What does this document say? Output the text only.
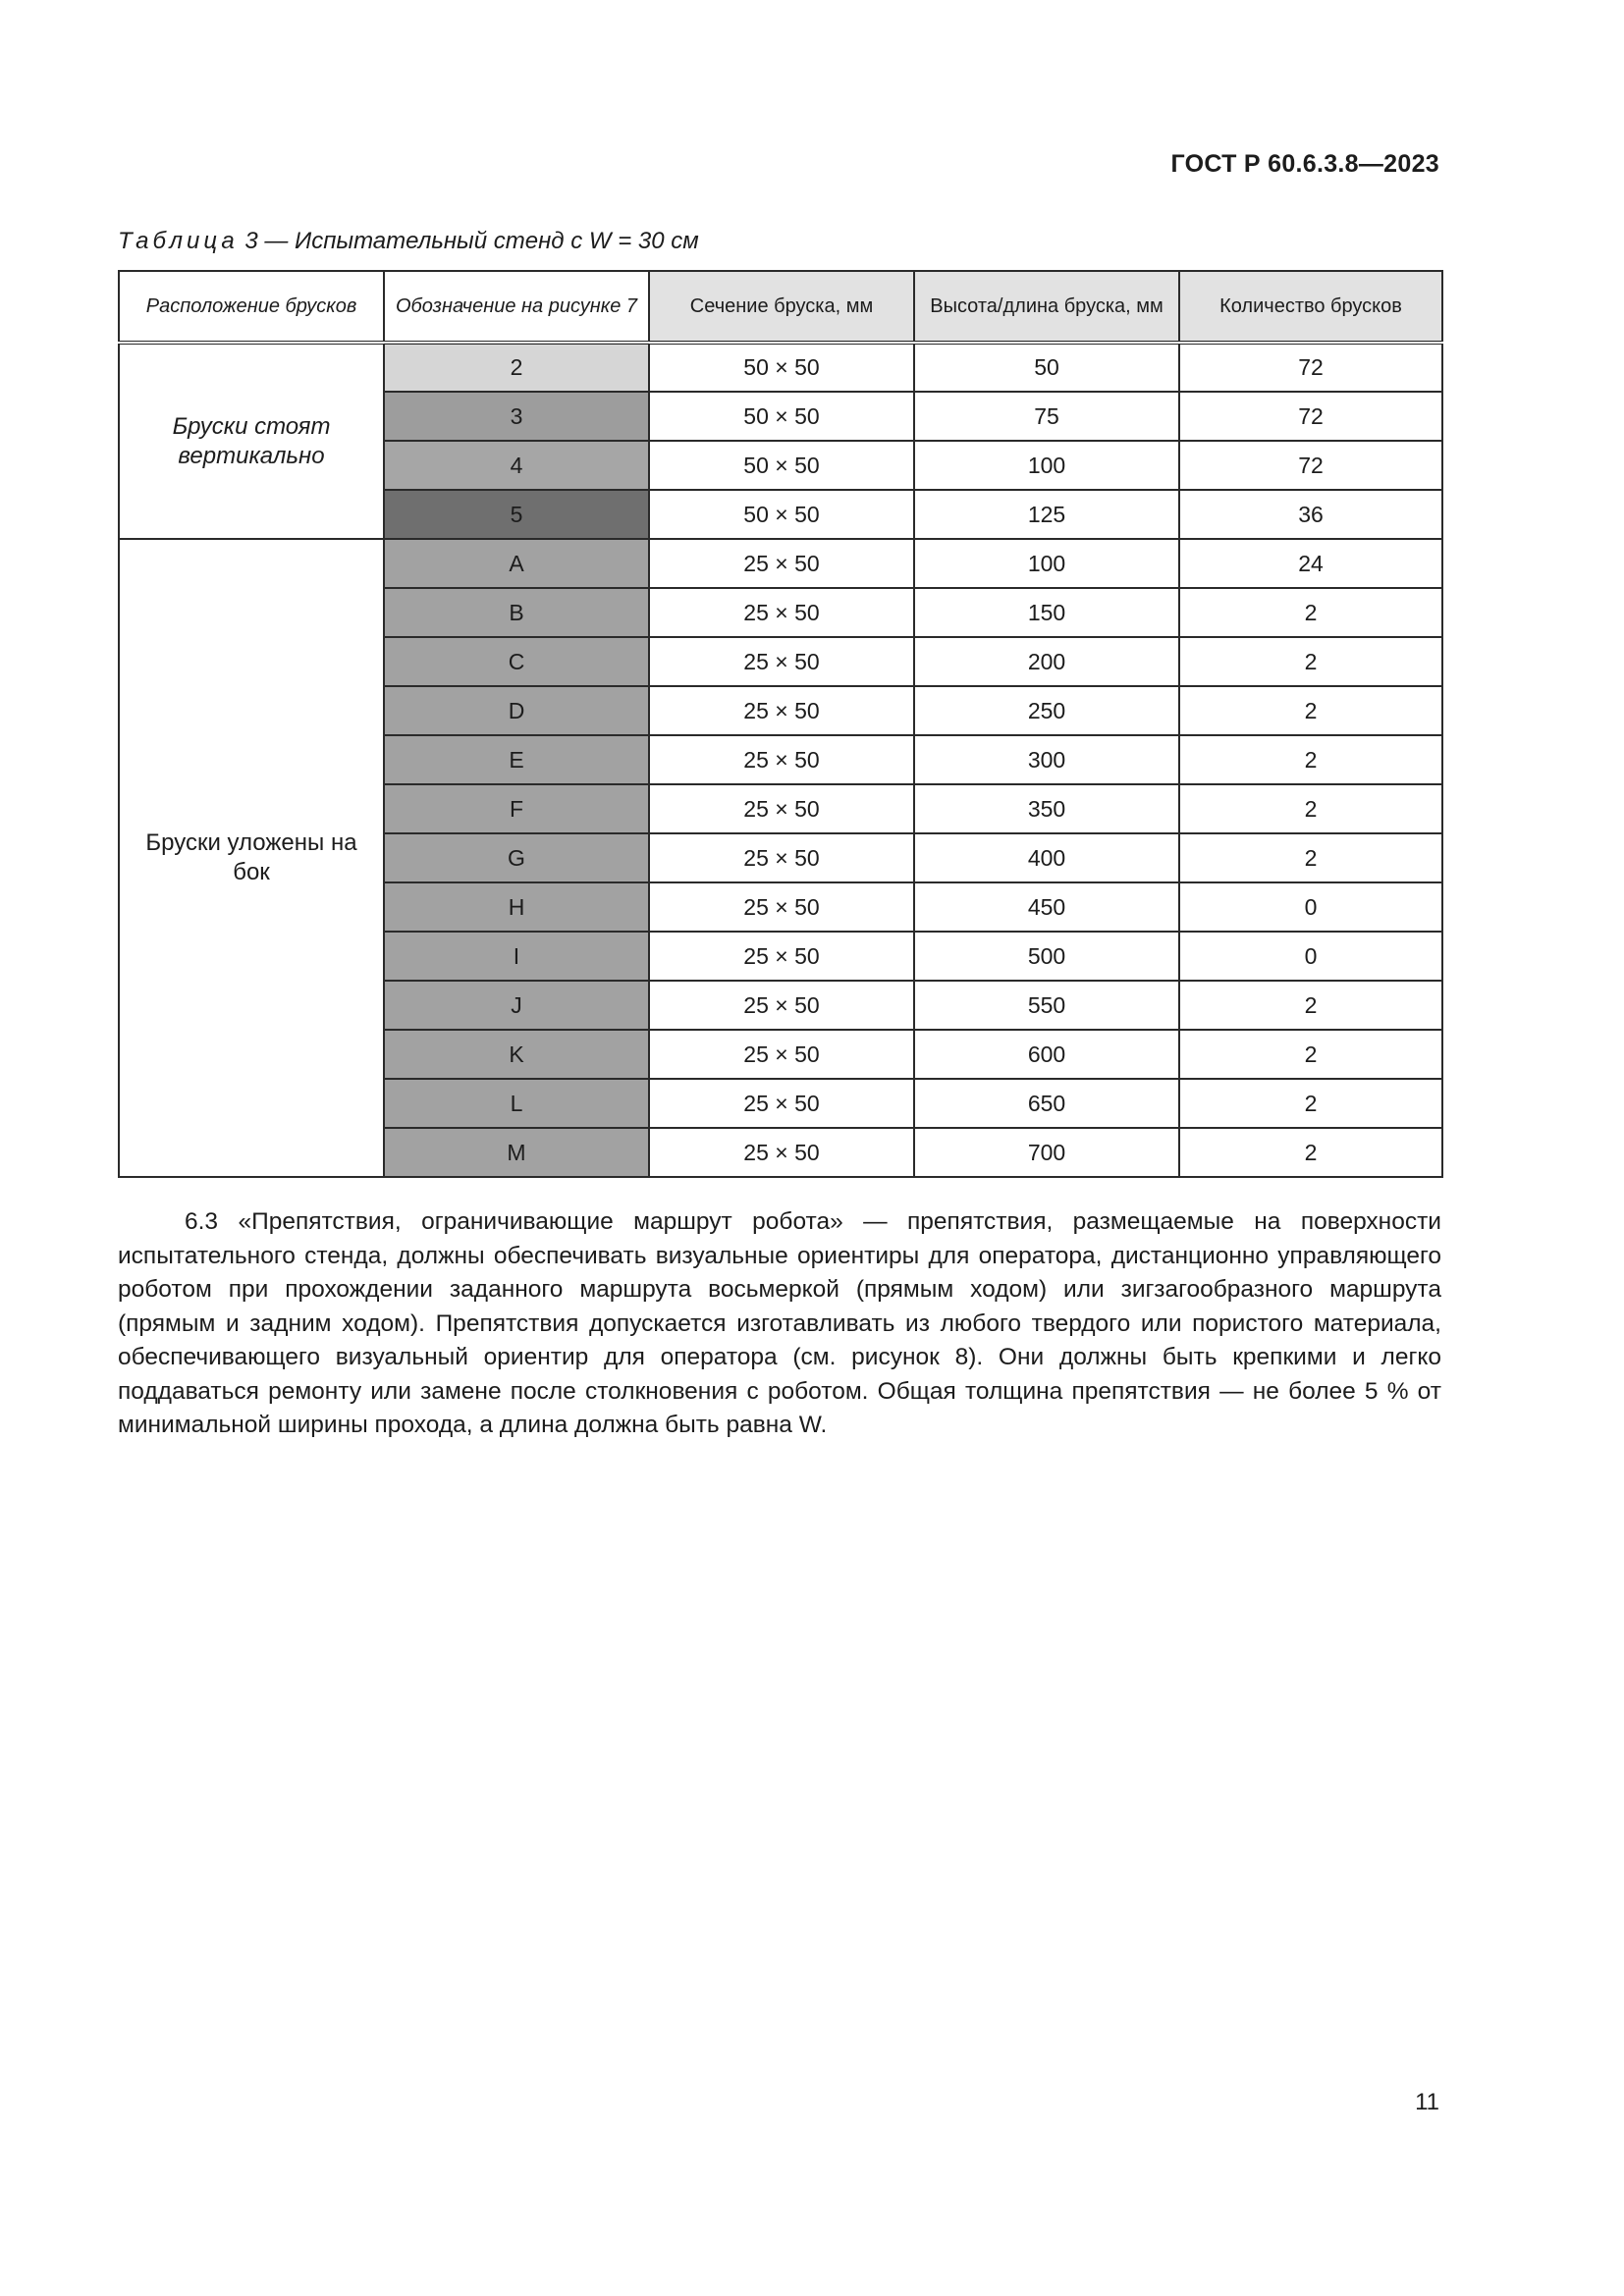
ГОСТ Р 60.6.3.8—2023
Таблица 3 — Испытательный стенд с W = 30 см
Расположение бруcков	Обозначение на рисунке 7	Сечение бруска, мм	Высота/длина бруска, мм	Количество брусков
Бруски стоят вертикально	2	50 × 50	50	72
	3	50 × 50	75	72
	4	50 × 50	100	72
	5	50 × 50	125	36
Бруски уложены на бок	A	25 × 50	100	24
	B	25 × 50	150	2
	C	25 × 50	200	2
	D	25 × 50	250	2
	E	25 × 50	300	2
	F	25 × 50	350	2
	G	25 × 50	400	2
	H	25 × 50	450	0
	I	25 × 50	500	0
	J	25 × 50	550	2
	K	25 × 50	600	2
	L	25 × 50	650	2
	M	25 × 50	700	2

6.3 «Препятствия, ограничивающие маршрут робота» — препятствия, размещаемые на поверхности испытательного стенда, должны обеспечивать визуальные ориентиры для оператора, дистанционно управляющего роботом при прохождении заданного маршрута восьмеркой (прямым ходом) или зигзагообразного маршрута (прямым и задним ходом). Препятствия допускается изготавливать из любого твердого или пористого материала, обеспечивающего визуальный ориентир для оператора (см. рисунок 8). Они должны быть крепкими и легко поддаваться ремонту или замене после столкновения с роботом. Общая толщина препятствия — не более 5 % от минимальной ширины прохода, а длина должна быть равна W.

11
